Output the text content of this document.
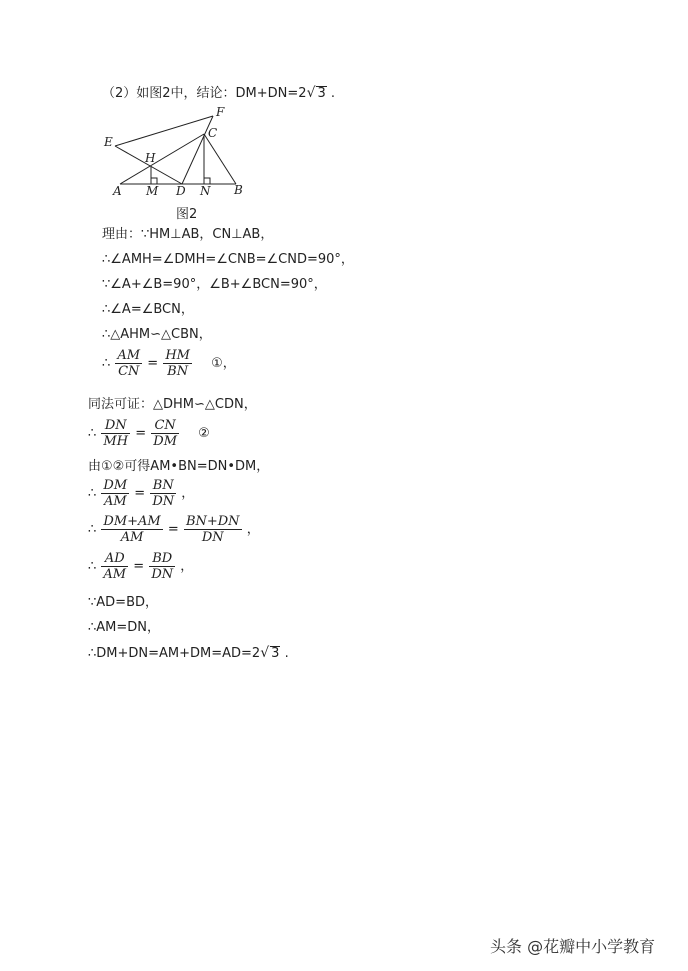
（2）如图2中，结论：DM+DN=2√ 3 .
E
F
C
H
A M D N B
图2
理由：∵HM⊥AB，CN⊥AB，
∴∠AMH=∠DMH=∠CNB=∠CND=90°，
∵∠A+∠B=90°，∠B+∠BCN=90°，
∴∠A=∠BCN，
∴△AHM∽△CBN，
∴ $\frac{AM}{CN} = \frac{HM}{BN}$ ①，
同法可证：△DHM∽△CDN，
∴ $\frac{DN}{MH} = \frac{CN}{DM}$ ②
由①②可得AM•BN=DN•DM，
∴ $\frac{DM}{AM} = \frac{BN}{DN}$ ，
∴ $\frac{DM+AM}{AM} = \frac{BN+DN}{DN}$ ，
∴ $\frac{AD}{AM} = \frac{BD}{DN}$ ，
∵AD=BD，
∴AM=DN，
∴DM+DN=AM+DM=AD=2√ 3 .
头条 @花瓣中小学教育
